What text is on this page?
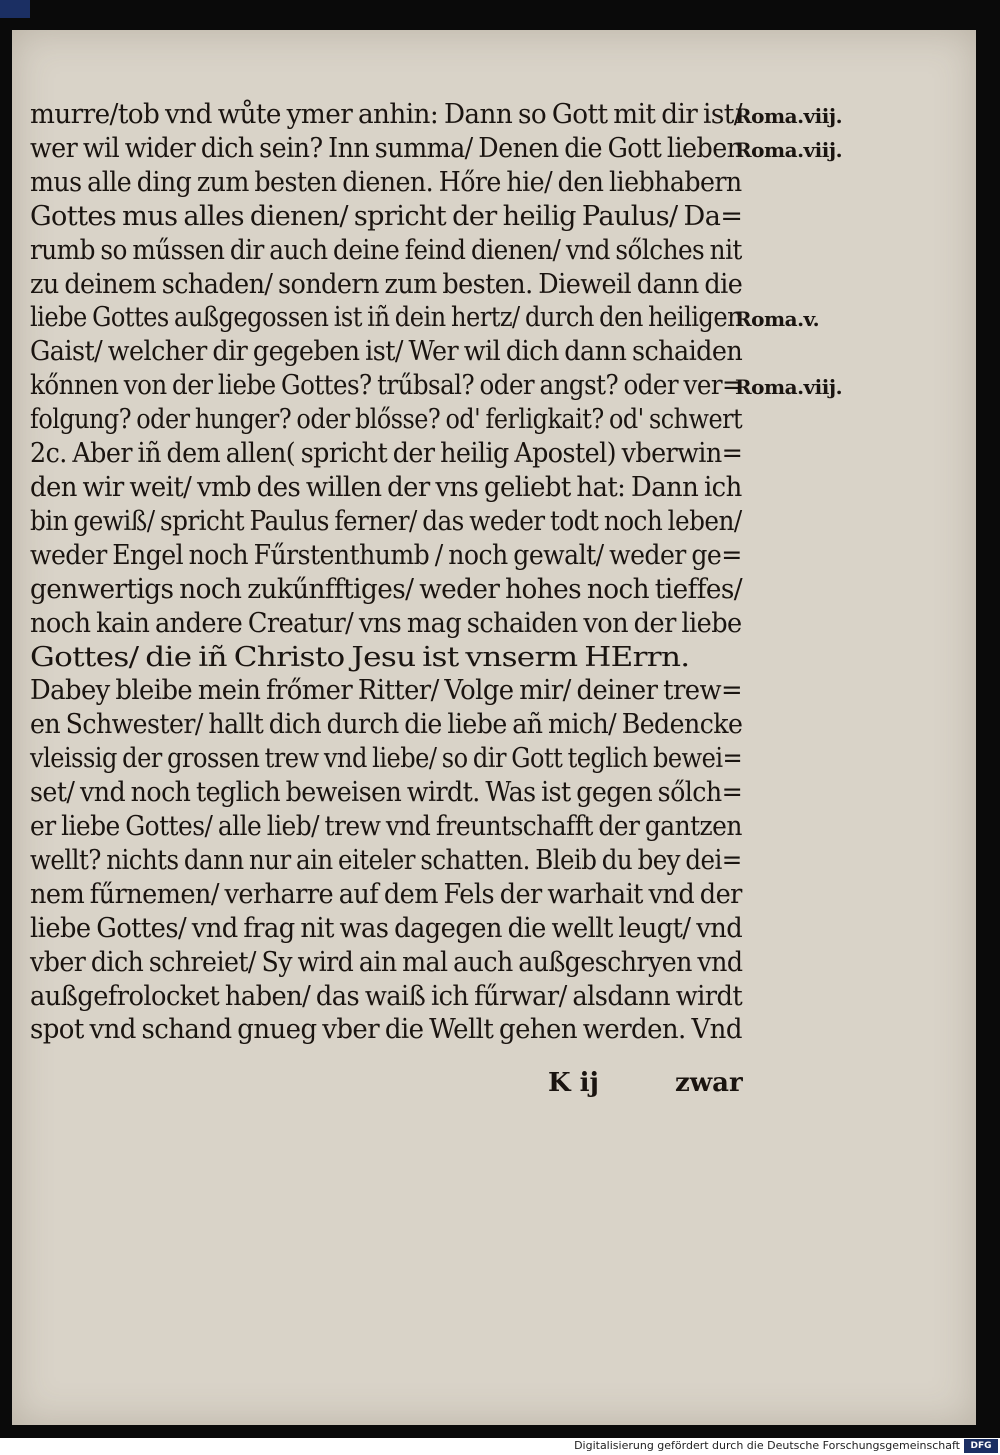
murre/tob vnd wůte ymer anhin: Dann so Gott mit dir ist/
wer wil wider dich sein? Inn summa/ Denen die Gott lieben
mus alle ding zum besten dienen. Hőre hie/ den liebhabern
Gottes mus alles dienen/ spricht der heilig Paulus/ Da=
rumb so műssen dir auch deine feind dienen/ vnd sőlches nit
zu deinem schaden/ sondern zum besten. Dieweil dann die
liebe Gottes außgegossen ist iñ dein hertz/ durch den heiligen
Gaist/ welcher dir gegeben ist/ Wer wil dich dann schaiden
kőnnen von der liebe Gottes? trűbsal? oder angst? oder ver=
folgung? oder hunger? oder blősse? od' ferligkait? od' schwert
2c. Aber iñ dem allen( spricht der heilig Apostel) vberwin=
den wir weit/ vmb des willen der vns geliebt hat: Dann ich
bin gewiß/ spricht Paulus ferner/ das weder todt noch leben/
weder Engel noch Fűrstenthumb / noch gewalt/ weder ge=
genwertigs noch zukűnfftiges/ weder hohes noch tieffes/
noch kain andere Creatur/ vns mag schaiden von der liebe
Gottes/ die iñ Christo Jesu ist vnserm HErrn.
Dabey bleibe mein frőmer Ritter/ Volge mir/ deiner trew=
en Schwester/ hallt dich durch die liebe añ mich/ Bedencke
vleissig der grossen trew vnd liebe/ so dir Gott teglich bewei=
set/ vnd noch teglich beweisen wirdt. Was ist gegen sőlch=
er liebe Gottes/ alle lieb/ trew vnd freuntschafft der gantzen
wellt? nichts dann nur ain eiteler schatten. Bleib du bey dei=
nem fűrnemen/ verharre auf dem Fels der warhait vnd der
liebe Gottes/ vnd frag nit was dagegen die wellt leugt/ vnd
vber dich schreiet/ Sy wird ain mal auch außgeschryen vnd
außgefrolocket haben/ das waiß ich fűrwar/ alsdann wirdt
spot vnd schand gnueg vber die Wellt gehen werden. Vnd
Roma.viij.
Roma.viij.
Roma.v.
Roma.viij.
K ij	zwar
Digitalisierung gefördert durch die Deutsche Forschungsgemeinschaft	DFG
